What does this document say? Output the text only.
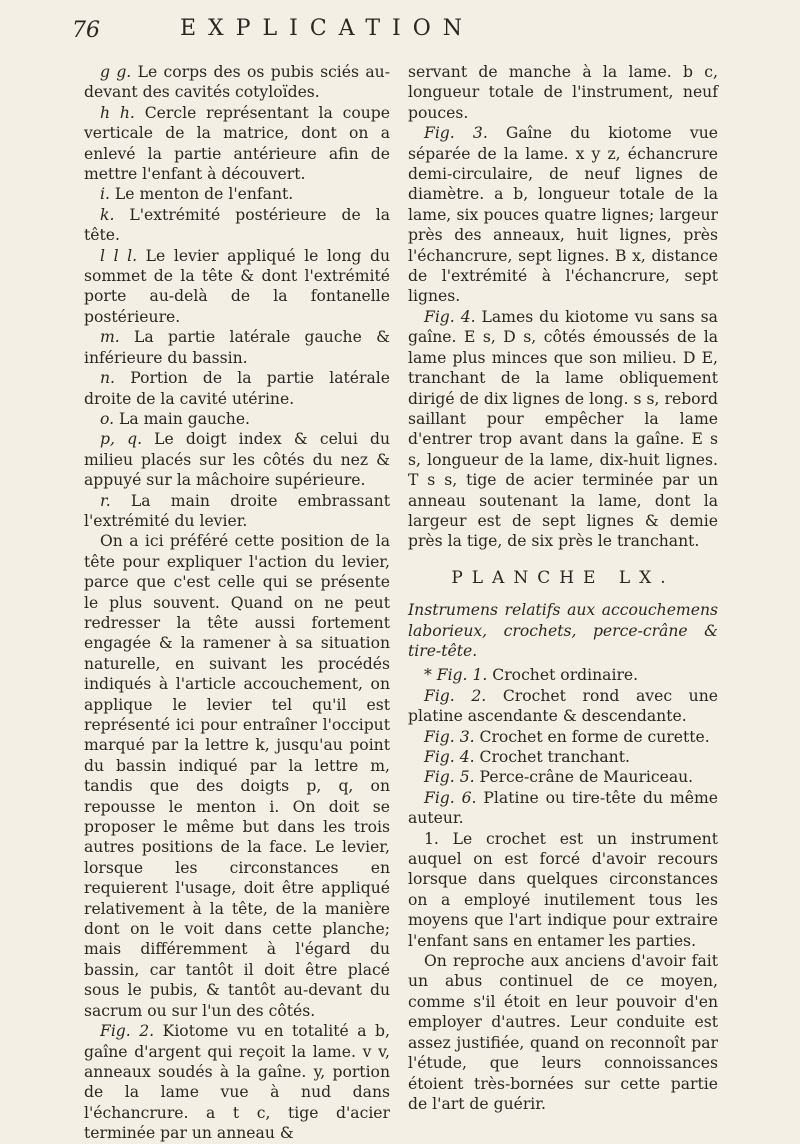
76	EXPLICATION

g g. Le corps des os pubis sciés au-devant des cavités cotyloïdes.

h h. Cercle représentant la coupe verticale de la matrice, dont on a enlevé la partie antérieure afin de mettre l'enfant à découvert.

i. Le menton de l'enfant.

k. L'extrémité postérieure de la tête.

l l l. Le levier appliqué le long du sommet de la tête & dont l'extrémité porte au-delà de la fontanelle postérieure.

m. La partie latérale gauche & inférieure du bassin.

n. Portion de la partie latérale droite de la cavité utérine.

o. La main gauche.

p, q. Le doigt index & celui du milieu placés sur les côtés du nez & appuyé sur la mâchoire supérieure.

r. La main droite embrassant l'extrémité du levier.

On a ici préféré cette position de la tête pour expliquer l'action du levier, parce que c'est celle qui se présente le plus souvent. Quand on ne peut redresser la tête aussi fortement engagée & la ramener à sa situation naturelle, en suivant les procédés indiqués à l'article accouchement, on applique le levier tel qu'il est représenté ici pour entraîner l'occiput marqué par la lettre k, jusqu'au point du bassin indiqué par la lettre m, tandis que des doigts p, q, on repousse le menton i. On doit se proposer le même but dans les trois autres positions de la face. Le levier, lorsque les circonstances en requierent l'usage, doit être appliqué relativement à la tête, de la manière dont on le voit dans cette planche; mais différemment à l'égard du bassin, car tantôt il doit être placé sous le pubis, & tantôt au-devant du sacrum ou sur l'un des côtés.

Fig. 2. Kiotome vu en totalité a b, gaîne d'argent qui reçoit la lame. v v, anneaux soudés à la gaîne. y, portion de la lame vue à nud dans l'échancrure. a t c, tige d'acier terminée par un anneau &

servant de manche à la lame. b c, longueur totale de l'instrument, neuf pouces.

Fig. 3. Gaîne du kiotome vue séparée de la lame. x y z, échancrure demi-circulaire, de neuf lignes de diamètre. a b, longueur totale de la lame, six pouces quatre lignes; largeur près des anneaux, huit lignes, près l'échancrure, sept lignes. B x, distance de l'extrémité à l'échancrure, sept lignes.

Fig. 4. Lames du kiotome vu sans sa gaîne. E s, D s, côtés émoussés de la lame plus minces que son milieu. D E, tranchant de la lame obliquement dirigé de dix lignes de long. s s, rebord saillant pour empêcher la lame d'entrer trop avant dans la gaîne. E s s, longueur de la lame, dix-huit lignes. T s s, tige de acier terminée par un anneau soutenant la lame, dont la largeur est de sept lignes & demie près la tige, de six près le tranchant.

PLANCHE LX.

Instrumens relatifs aux accouchemens laborieux, crochets, perce-crâne & tire-tête.

* Fig. 1. Crochet ordinaire.

Fig. 2. Crochet rond avec une platine ascendante & descendante.

Fig. 3. Crochet en forme de curette.

Fig. 4. Crochet tranchant.

Fig. 5. Perce-crâne de Mauriceau.

Fig. 6. Platine ou tire-tête du même auteur.

1. Le crochet est un instrument auquel on est forcé d'avoir recours lorsque dans quelques circonstances on a employé inutilement tous les moyens que l'art indique pour extraire l'enfant sans en entamer les parties.

On reproche aux anciens d'avoir fait un abus continuel de ce moyen, comme s'il étoit en leur pouvoir d'en employer d'autres. Leur conduite est assez justifiée, quand on reconnoît par l'étude, que leurs connoissances étoient très-bornées sur cette partie de l'art de guérir.
